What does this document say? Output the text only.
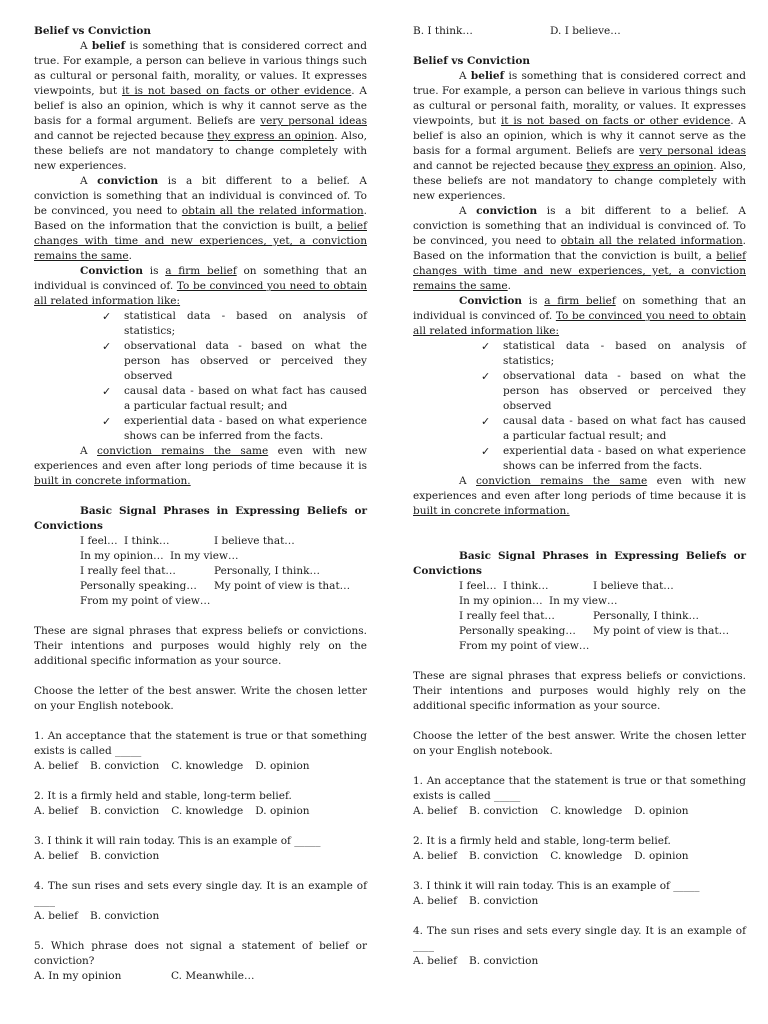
Belief vs Conviction

A belief is something that is considered correct and true. For example, a person can believe in various things such as cultural or personal faith, morality, or values. It expresses viewpoints, but it is not based on facts or other evidence. A belief is also an opinion, which is why it cannot serve as the basis for a formal argument. Beliefs are very personal ideas and cannot be rejected because they express an opinion. Also, these beliefs are not mandatory to change completely with new experiences.

A conviction is a bit different to a belief. A conviction is something that an individual is convinced of. To be convinced, you need to obtain all the related information. Based on the information that the conviction is built, a belief changes with time and new experiences, yet, a conviction remains the same.

Conviction is a firm belief on something that an individual is convinced of. To be convinced you need to obtain all related information like:

✓ statistical data - based on analysis of statistics;
✓ observational data - based on what the person has observed or perceived they observed
✓ causal data - based on what fact has caused a particular factual result; and
✓ experiential data - based on what experience shows can be inferred from the facts.

A conviction remains the same even with new experiences and even after long periods of time because it is built in concrete information.

Basic Signal Phrases in Expressing Beliefs or Convictions

I feel… I think…	I believe that…
In my opinion… In my view…
I really feel that…	Personally, I think…
Personally speaking… My point of view is that…
From my point of view…

These are signal phrases that express beliefs or convictions. Their intentions and purposes would highly rely on the additional specific information as your source.

Choose the letter of the best answer. Write the chosen letter on your English notebook.

1. An acceptance that the statement is true or that something exists is called _____

A. belief B. conviction C. knowledge D. opinion

2. It is a firmly held and stable, long-term belief.

A. belief B. conviction C. knowledge D. opinion

3. I think it will rain today. This is an example of _____

A. belief B. conviction

4. The sun rises and sets every single day. It is an example of ____

A. belief B. conviction

5. Which phrase does not signal a statement of belief or conviction?

A. In my opinion	C. Meanwhile…
B. I think…	D. I believe…

Belief vs Conviction

A belief is something that is considered correct and true. For example, a person can believe in various things such as cultural or personal faith, morality, or values. It expresses viewpoints, but it is not based on facts or other evidence. A belief is also an opinion, which is why it cannot serve as the basis for a formal argument. Beliefs are very personal ideas and cannot be rejected because they express an opinion. Also, these beliefs are not mandatory to change completely with new experiences.

A conviction is a bit different to a belief. A conviction is something that an individual is convinced of. To be convinced, you need to obtain all the related information. Based on the information that the conviction is built, a belief changes with time and new experiences, yet, a conviction remains the same.

Conviction is a firm belief on something that an individual is convinced of. To be convinced you need to obtain all related information like:

✓ statistical data - based on analysis of statistics;
✓ observational data - based on what the person has observed or perceived they observed
✓ causal data - based on what fact has caused a particular factual result; and
✓ experiential data - based on what experience shows can be inferred from the facts.

A conviction remains the same even with new experiences and even after long periods of time because it is built in concrete information.

Basic Signal Phrases in Expressing Beliefs or Convictions

I feel… I think…	I believe that…
In my opinion… In my view…
I really feel that…	Personally, I think…
Personally speaking… My point of view is that…
From my point of view…

These are signal phrases that express beliefs or convictions. Their intentions and purposes would highly rely on the additional specific information as your source.

Choose the letter of the best answer. Write the chosen letter on your English notebook.

1. An acceptance that the statement is true or that something exists is called _____

A. belief B. conviction C. knowledge D. opinion

2. It is a firmly held and stable, long-term belief.

A. belief B. conviction C. knowledge D. opinion

3. I think it will rain today. This is an example of _____

A. belief B. conviction

4. The sun rises and sets every single day. It is an example of ____

A. belief B. conviction
